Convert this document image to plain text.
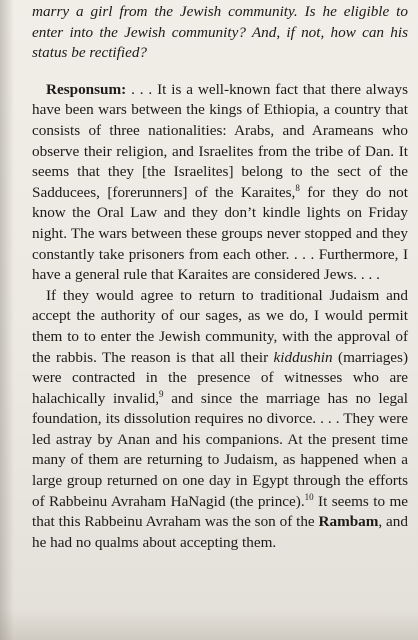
marry a girl from the Jewish community. Is he eligible to enter into the Jewish community? And, if not, how can his status be rectified?

Responsum: . . . It is a well-known fact that there always have been wars between the kings of Ethiopia, a country that consists of three nationalities: Arabs, and Arameans who observe their religion, and Israelites from the tribe of Dan. It seems that they [the Israelites] belong to the sect of the Sadducees, [forerunners] of the Karaites,$^8$ for they do not know the Oral Law and they don’t kindle lights on Friday night. The wars between these groups never stopped and they constantly take prisoners from each other. . . . Furthermore, I have a general rule that Karaites are considered Jews. . . .

If they would agree to return to traditional Judaism and accept the authority of our sages, as we do, I would permit them to to enter the Jewish community, with the approval of the rabbis. The reason is that all their kiddushin (marriages) were contracted in the presence of witnesses who are halachically invalid,$^9$ and since the marriage has no legal foundation, its dissolution requires no divorce. . . . They were led astray by Anan and his companions. At the present time many of them are returning to Judaism, as happened when a large group returned on one day in Egypt through the efforts of Rabbeinu Avraham HaNagid (the prince).$^{10}$ It seems to me that this Rabbeinu Avraham was the son of the Rambam, and he had no qualms about accepting them.
